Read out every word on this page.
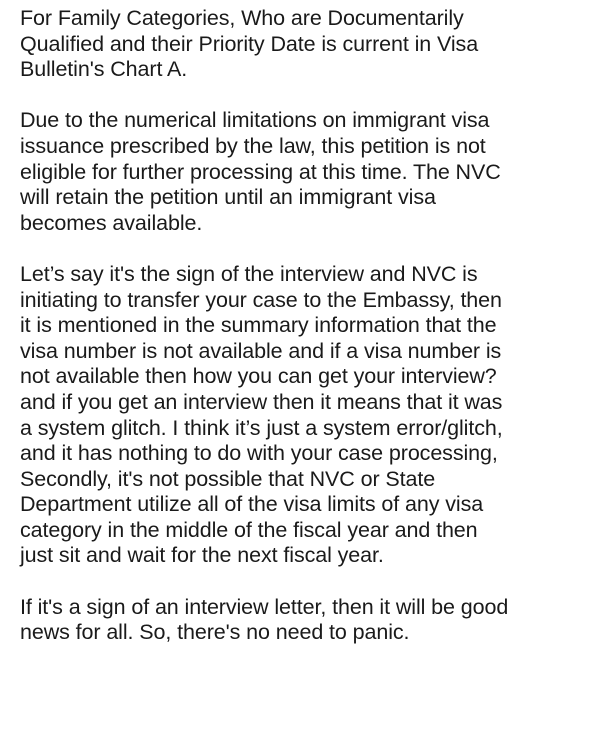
For Family Categories, Who are Documentarily
Qualified and their Priority Date is current in Visa
Bulletin's Chart A.
Due to the numerical limitations on immigrant visa
issuance prescribed by the law, this petition is not
eligible for further processing at this time. The NVC
will retain the petition until an immigrant visa
becomes available.
Let’s say it's the sign of the interview and NVC is
initiating to transfer your case to the Embassy, then
it is mentioned in the summary information that the
visa number is not available and if a visa number is
not available then how you can get your interview?
and if you get an interview then it means that it was
a system glitch. I think it’s just a system error/glitch,
and it has nothing to do with your case processing,
Secondly, it's not possible that NVC or State
Department utilize all of the visa limits of any visa
category in the middle of the fiscal year and then
just sit and wait for the next fiscal year.
If it's a sign of an interview letter, then it will be good
news for all. So, there's no need to panic.
